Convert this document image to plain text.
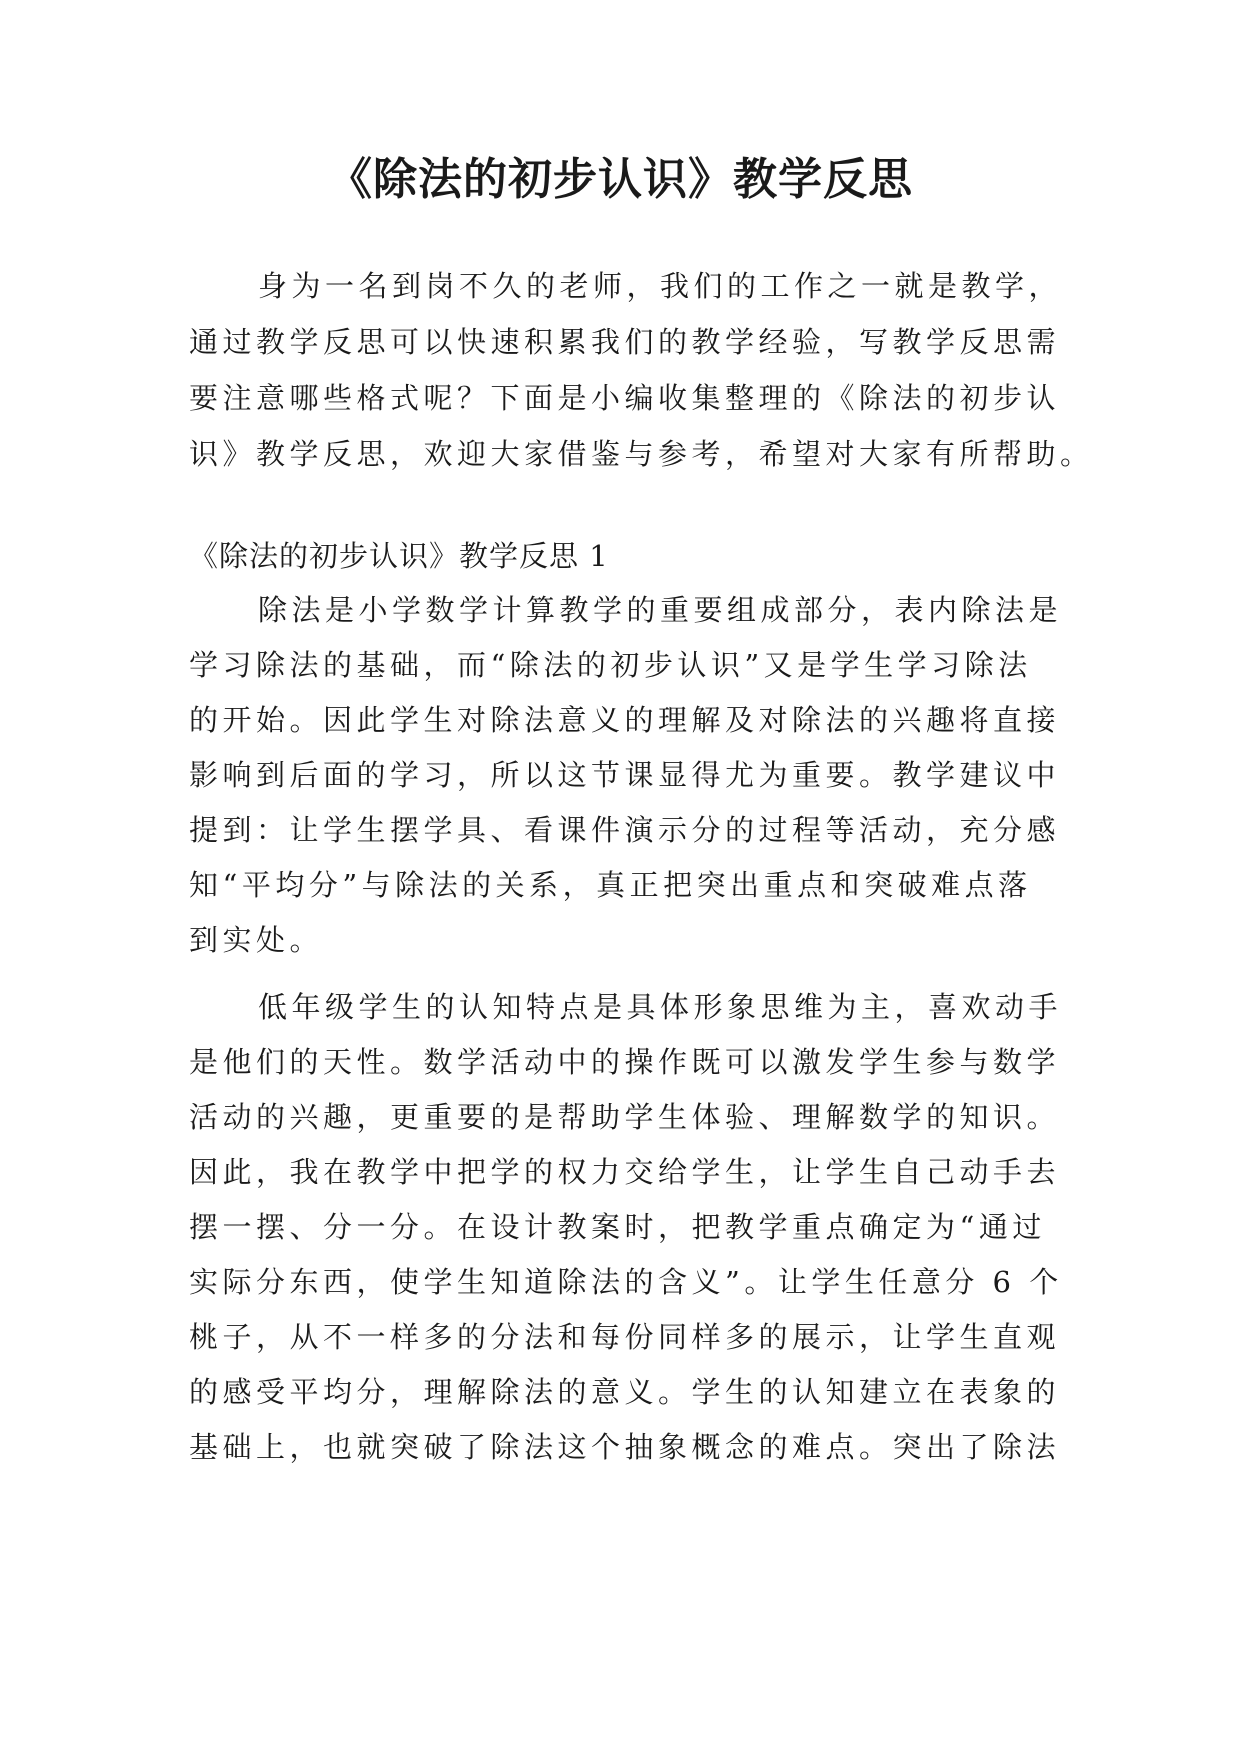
《除法的初步认识》教学反思
身为一名到岗不久的老师，我们的工作之一就是教学，
通过教学反思可以快速积累我们的教学经验，写教学反思需
要注意哪些格式呢？下面是小编收集整理的《除法的初步认
识》教学反思，欢迎大家借鉴与参考，希望对大家有所帮助。
《除法的初步认识》教学反思 1
除法是小学数学计算教学的重要组成部分，表内除法是
学习除法的基础，而“除法的初步认识”又是学生学习除法
的开始。因此学生对除法意义的理解及对除法的兴趣将直接
影响到后面的学习，所以这节课显得尤为重要。教学建议中
提到：让学生摆学具、看课件演示分的过程等活动，充分感
知“平均分”与除法的关系，真正把突出重点和突破难点落
到实处。
低年级学生的认知特点是具体形象思维为主，喜欢动手
是他们的天性。数学活动中的操作既可以激发学生参与数学
活动的兴趣，更重要的是帮助学生体验、理解数学的知识。
因此，我在教学中把学的权力交给学生，让学生自己动手去
摆一摆、分一分。在设计教案时，把教学重点确定为“通过
实际分东西，使学生知道除法的含义”。让学生任意分 6 个
桃子，从不一样多的分法和每份同样多的展示，让学生直观
的感受平均分，理解除法的意义。学生的认知建立在表象的
基础上，也就突破了除法这个抽象概念的难点。突出了除法
